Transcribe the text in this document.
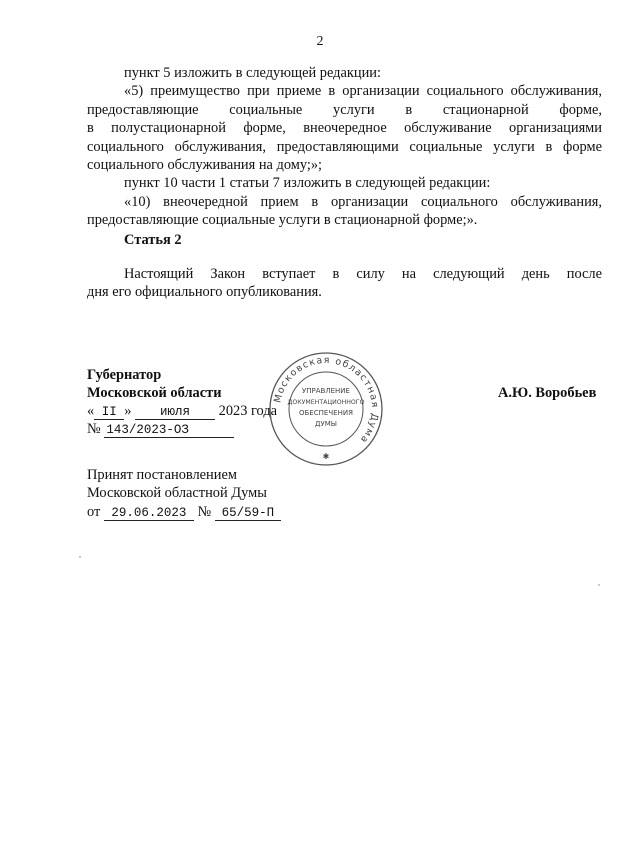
2

пункт 5 изложить в следующей редакции:

«5) преимущество при приеме в организации социального обслуживания,

предоставляющие социальные услуги в стационарной форме,

в полустационарной форме, внеочередное обслуживание организациями

социального обслуживания, предоставляющими социальные услуги в форме

социального обслуживания на дому;»;

пункт 10 части 1 статьи 7 изложить в следующей редакции:

«10) внеочередной прием в организации социального обслуживания,

предоставляющие социальные услуги в стационарной форме;».

Статья 2

Настоящий Закон вступает в силу на следующий день после

дня его официального опубликования.

Губернатор
Московской области	А.Ю. Воробьев
« II » июля 2023 года
№ 143/2023-ОЗ
Принят постановлением
Московской областной Думы
от 29.06.2023 № 65/59-П
Московская областная Дума
УПРАВЛЕНИЕ
ДОКУМЕНТАЦИОННОГО
ОБЕСПЕЧЕНИЯ
ДУМЫ
✱
